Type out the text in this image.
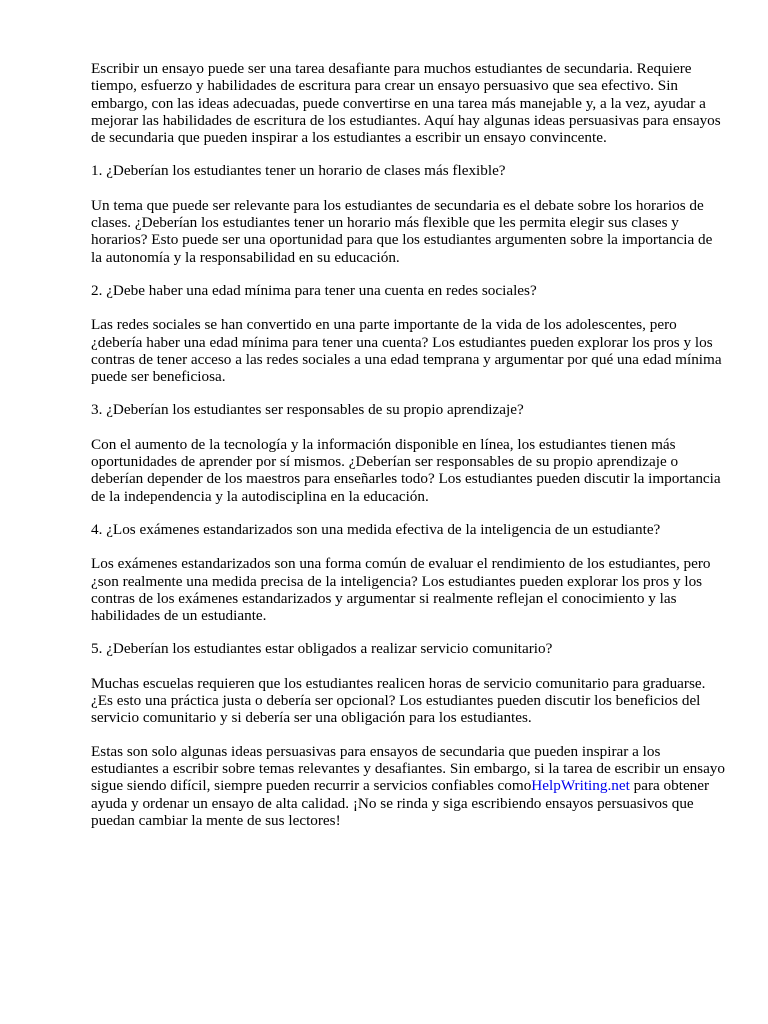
Escribir un ensayo puede ser una tarea desafiante para muchos estudiantes de secundaria. Requiere tiempo, esfuerzo y habilidades de escritura para crear un ensayo persuasivo que sea efectivo. Sin embargo, con las ideas adecuadas, puede convertirse en una tarea más manejable y, a la vez, ayudar a mejorar las habilidades de escritura de los estudiantes. Aquí hay algunas ideas persuasivas para ensayos de secundaria que pueden inspirar a los estudiantes a escribir un ensayo convincente.

1. ¿Deberían los estudiantes tener un horario de clases más flexible?

Un tema que puede ser relevante para los estudiantes de secundaria es el debate sobre los horarios de clases. ¿Deberían los estudiantes tener un horario más flexible que les permita elegir sus clases y horarios? Esto puede ser una oportunidad para que los estudiantes argumenten sobre la importancia de la autonomía y la responsabilidad en su educación.

2. ¿Debe haber una edad mínima para tener una cuenta en redes sociales?

Las redes sociales se han convertido en una parte importante de la vida de los adolescentes, pero ¿debería haber una edad mínima para tener una cuenta? Los estudiantes pueden explorar los pros y los contras de tener acceso a las redes sociales a una edad temprana y argumentar por qué una edad mínima puede ser beneficiosa.

3. ¿Deberían los estudiantes ser responsables de su propio aprendizaje?

Con el aumento de la tecnología y la información disponible en línea, los estudiantes tienen más oportunidades de aprender por sí mismos. ¿Deberían ser responsables de su propio aprendizaje o deberían depender de los maestros para enseñarles todo? Los estudiantes pueden discutir la importancia de la independencia y la autodisciplina en la educación.

4. ¿Los exámenes estandarizados son una medida efectiva de la inteligencia de un estudiante?

Los exámenes estandarizados son una forma común de evaluar el rendimiento de los estudiantes, pero ¿son realmente una medida precisa de la inteligencia? Los estudiantes pueden explorar los pros y los contras de los exámenes estandarizados y argumentar si realmente reflejan el conocimiento y las habilidades de un estudiante.

5. ¿Deberían los estudiantes estar obligados a realizar servicio comunitario?

Muchas escuelas requieren que los estudiantes realicen horas de servicio comunitario para graduarse. ¿Es esto una práctica justa o debería ser opcional? Los estudiantes pueden discutir los beneficios del servicio comunitario y si debería ser una obligación para los estudiantes.

Estas son solo algunas ideas persuasivas para ensayos de secundaria que pueden inspirar a los estudiantes a escribir sobre temas relevantes y desafiantes. Sin embargo, si la tarea de escribir un ensayo sigue siendo difícil, siempre pueden recurrir a servicios confiables comoHelpWriting.net para obtener ayuda y ordenar un ensayo de alta calidad. ¡No se rinda y siga escribiendo ensayos persuasivos que puedan cambiar la mente de sus lectores!
